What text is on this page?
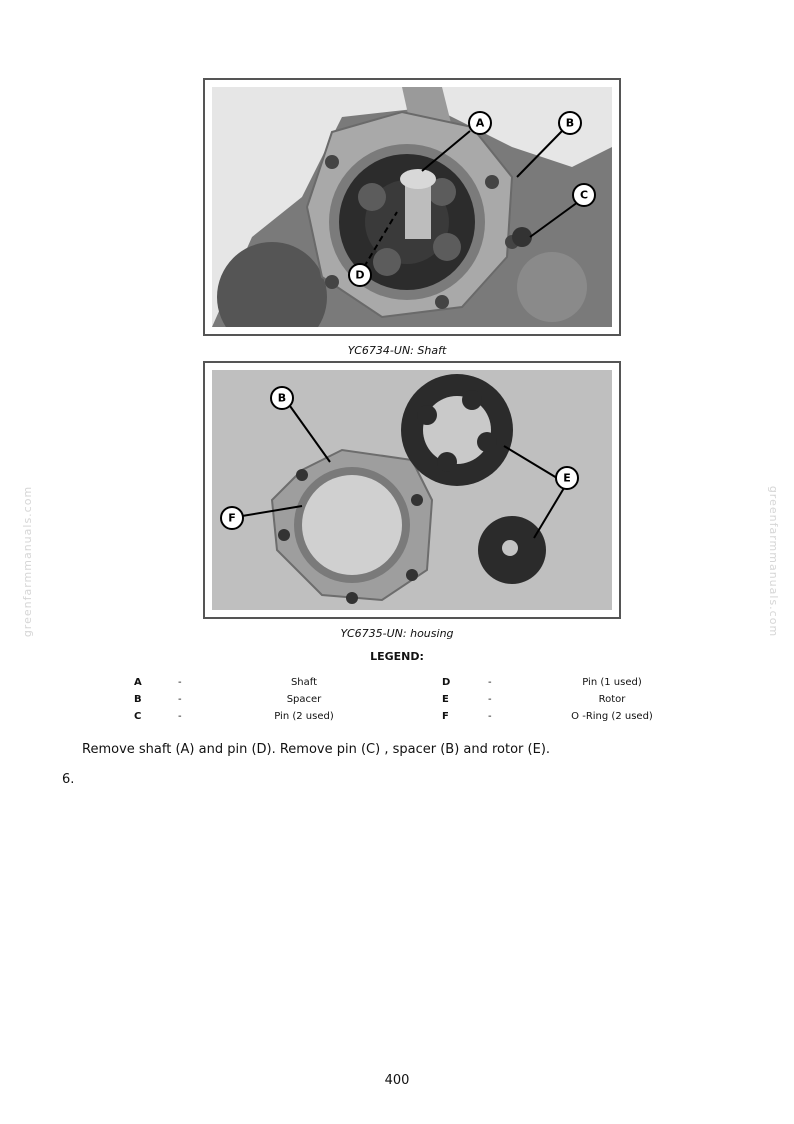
greenfarmmanuals.com	greenfarmmanuals.com
A	B
C
D
YC6734-UN: Shaft
B
E
F
YC6735-UN: housing
LEGEND:
A	-	Shaft	D	-	Pin (1 used)
B	-	Spacer	E	-	Rotor
C	-	Pin (2 used)	F	-	O -Ring (2 used)
Remove shaft (A) and pin (D). Remove pin (C) , spacer (B) and rotor (E).
6.
400
